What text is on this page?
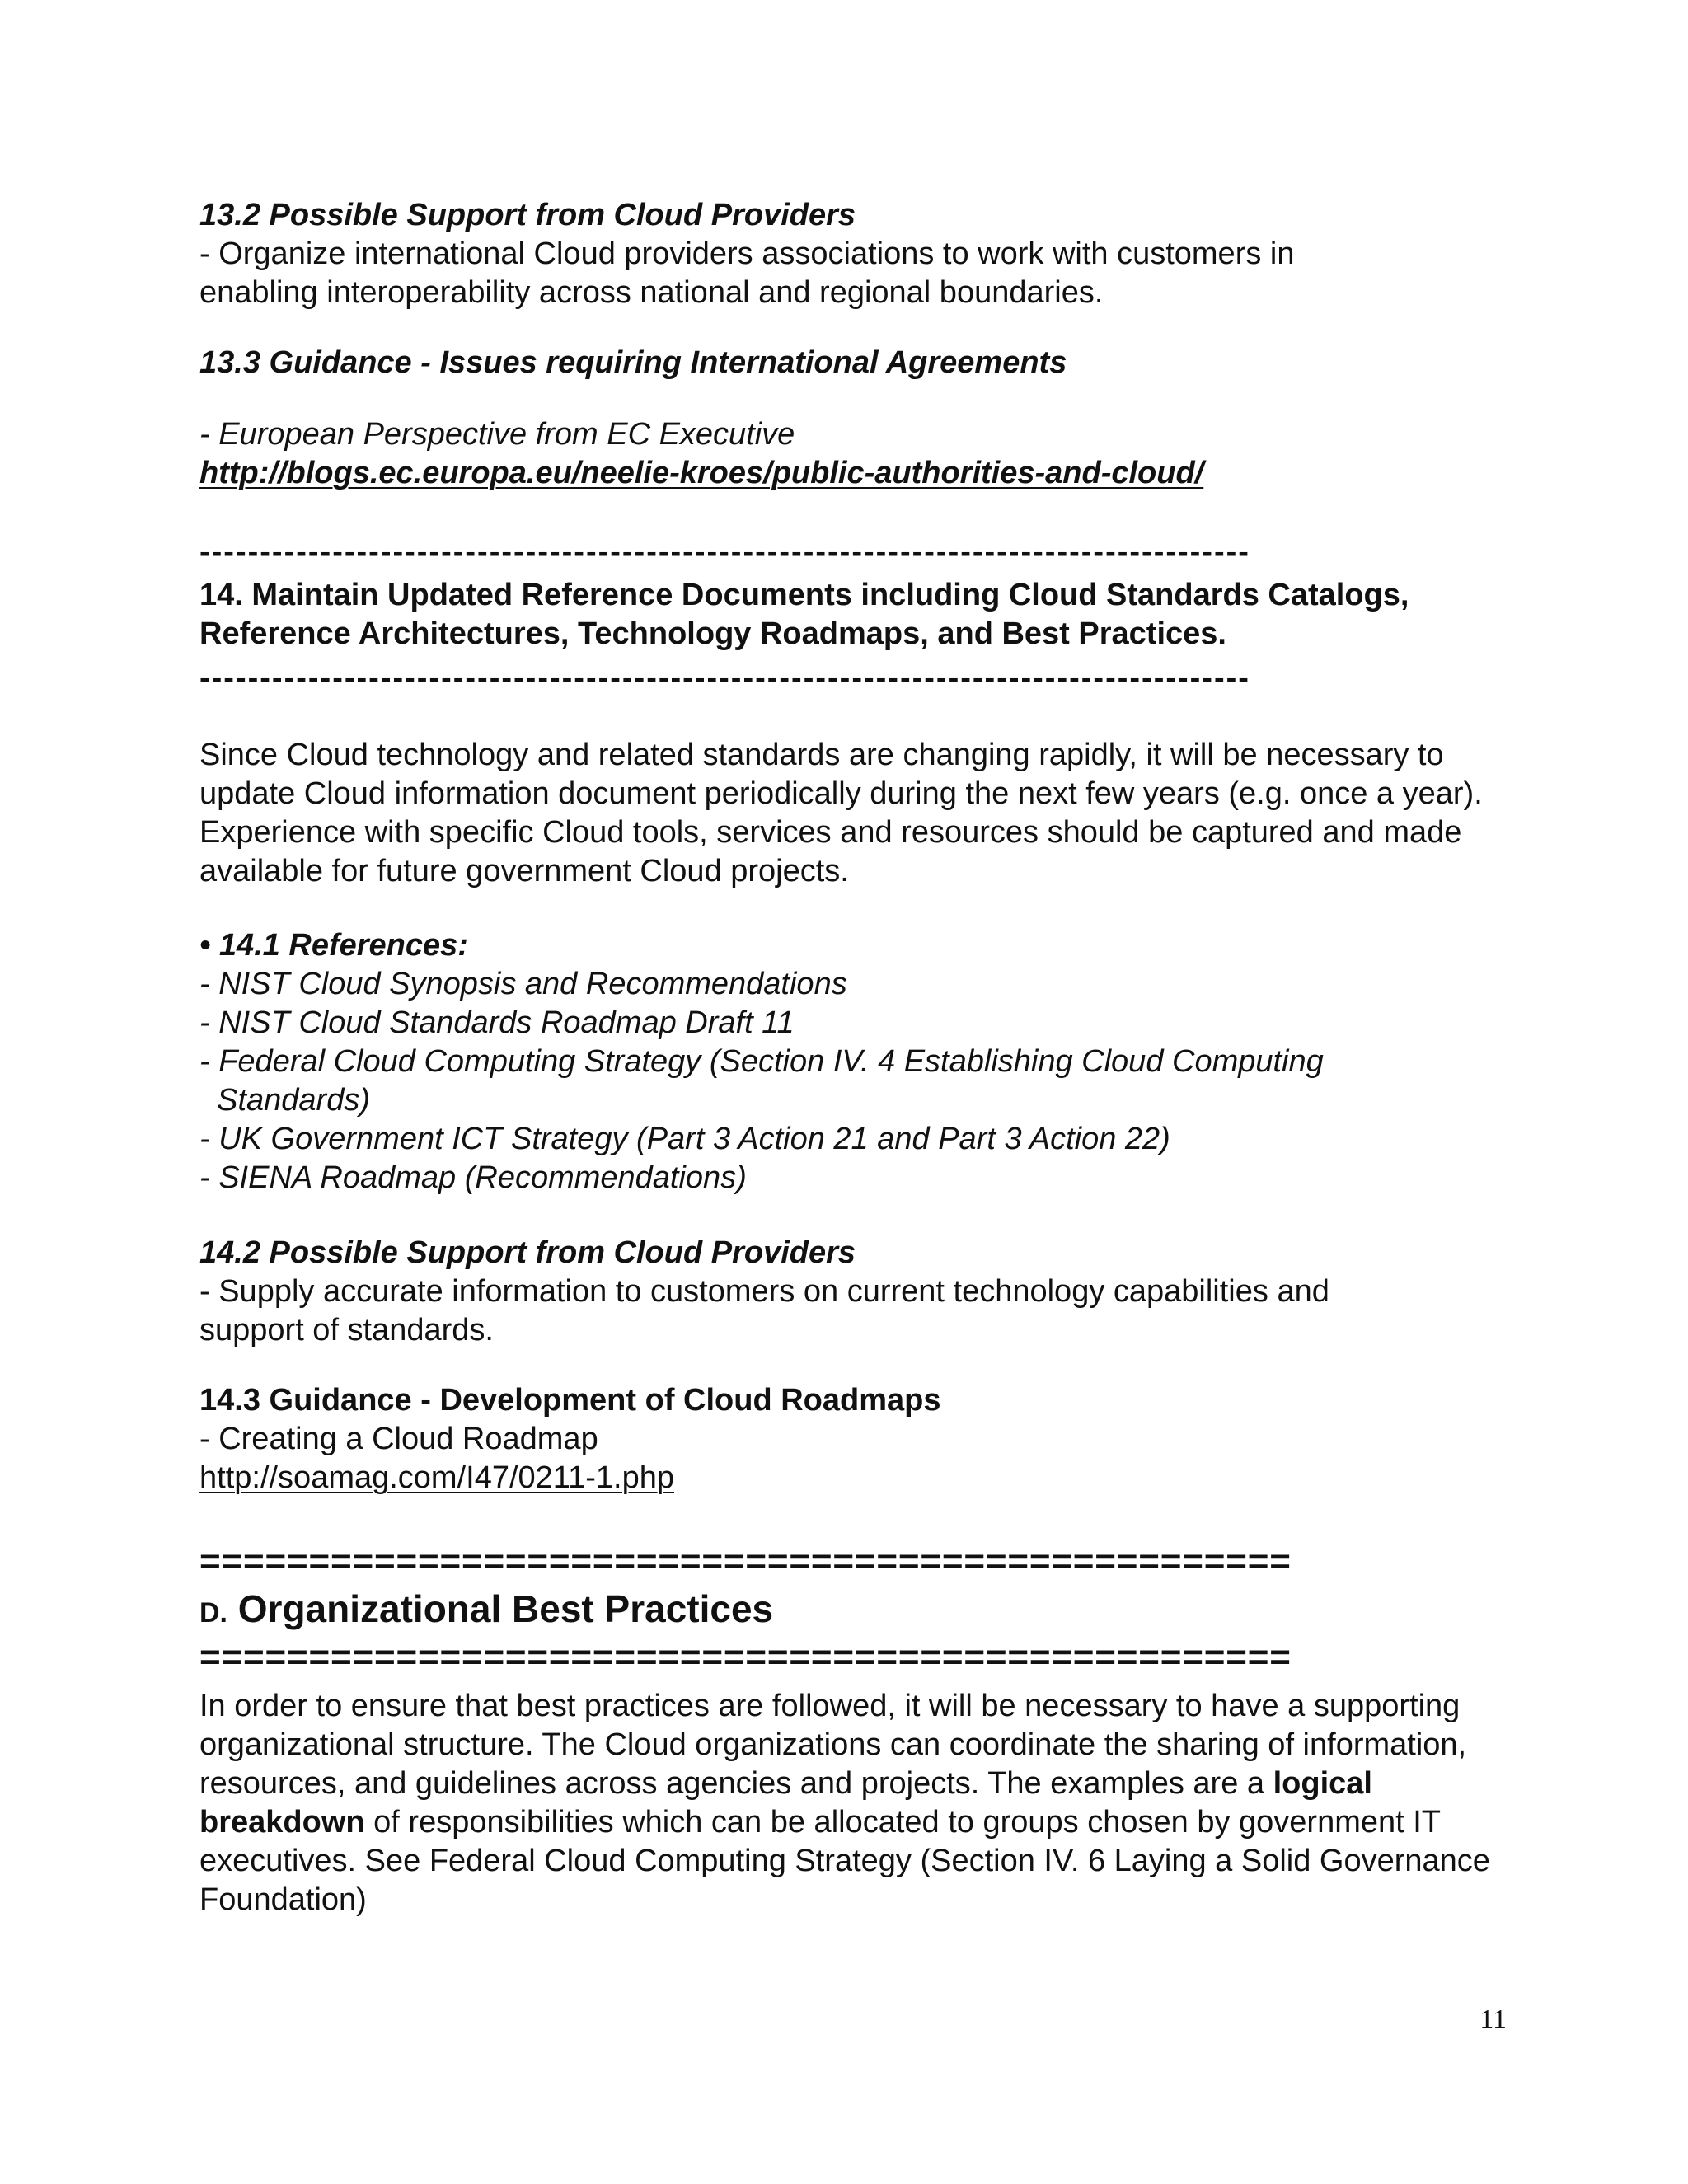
13.2 Possible Support from Cloud Providers
- Organize international Cloud providers associations to work with customers in
enabling interoperability across national and regional boundaries.
13.3 Guidance - Issues requiring International Agreements
- European Perspective from EC Executive
http://blogs.ec.europa.eu/neelie-kroes/public-authorities-and-cloud/
---------------------------------------------------------------------------------------
14. Maintain Updated Reference Documents including Cloud Standards Catalogs,
Reference Architectures, Technology Roadmaps, and Best Practices.
---------------------------------------------------------------------------------------
Since Cloud technology and related standards are changing rapidly, it will be necessary to update Cloud information document periodically during the next few years (e.g. once a year). Experience with specific Cloud tools, services and resources should be captured and made available for future government Cloud projects.
• 14.1 References:
- NIST Cloud Synopsis and Recommendations
- NIST Cloud Standards Roadmap Draft 11
- Federal Cloud Computing Strategy (Section IV. 4 Establishing Cloud Computing
Standards)
- UK Government ICT Strategy (Part 3 Action 21 and Part 3 Action 22)
- SIENA Roadmap (Recommendations)
14.2 Possible Support from Cloud Providers
- Supply accurate information to customers on current technology capabilities and
support of standards.
14.3 Guidance - Development of Cloud Roadmaps
- Creating a Cloud Roadmap
http://soamag.com/I47/0211-1.php
==================================================
D. Organizational Best Practices
==================================================
In order to ensure that best practices are followed, it will be necessary to have a supporting organizational structure. The Cloud organizations can coordinate the sharing of information, resources, and guidelines across agencies and projects. The examples are a logical breakdown of responsibilities which can be allocated to groups chosen by government IT executives. See Federal Cloud Computing Strategy (Section IV. 6 Laying a Solid Governance Foundation)
11
